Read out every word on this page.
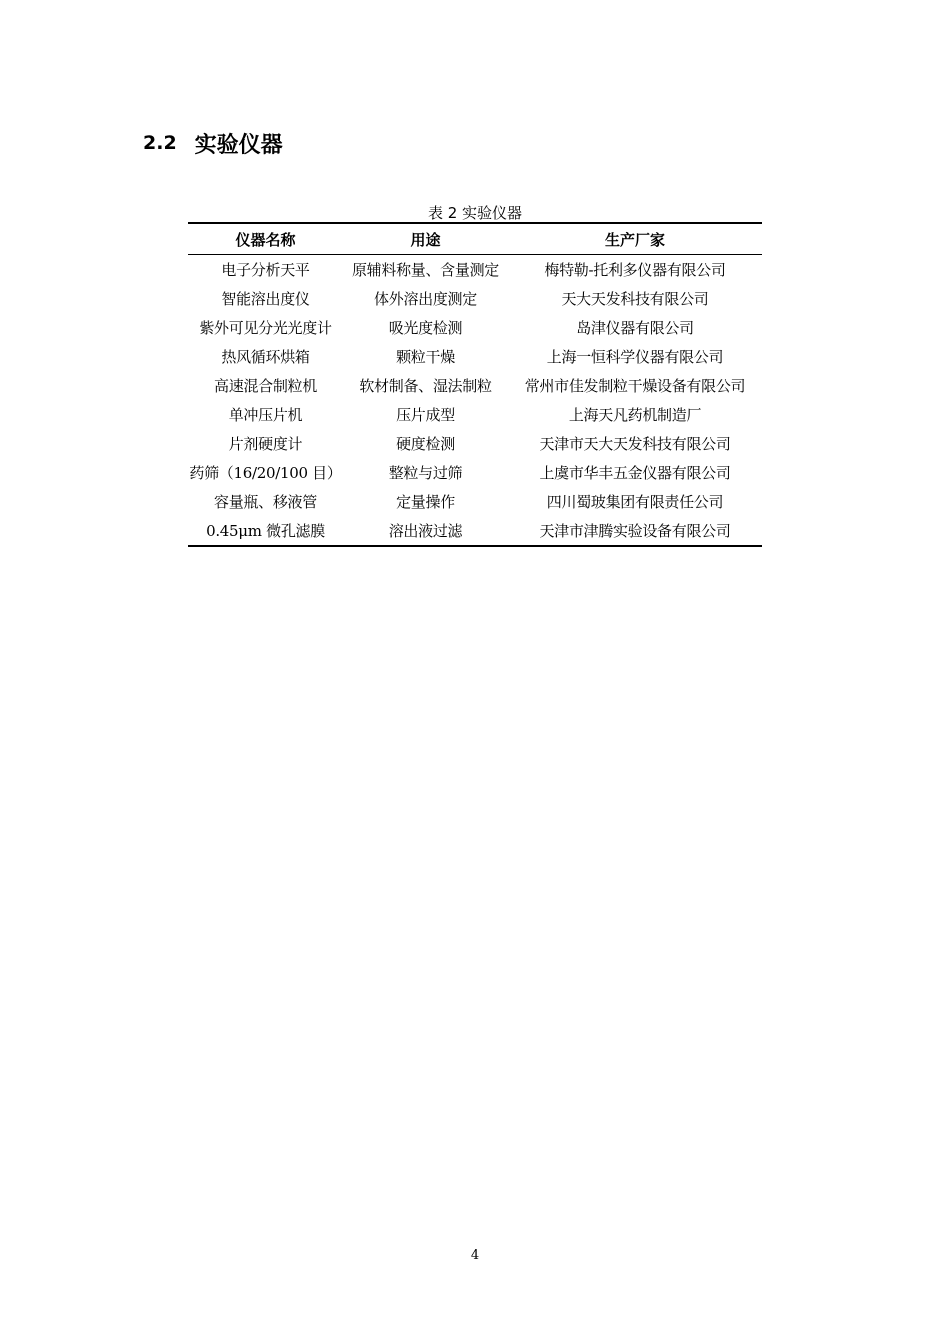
2.2 实验仪器
表 2 实验仪器
仪器名称	用途	生产厂家
电子分析天平	原辅料称量、含量测定	梅特勒-托利多仪器有限公司
智能溶出度仪	体外溶出度测定	天大天发科技有限公司
紫外可见分光光度计	吸光度检测	岛津仪器有限公司
热风循环烘箱	颗粒干燥	上海一恒科学仪器有限公司
高速混合制粒机	软材制备、湿法制粒	常州市佳发制粒干燥设备有限公司
单冲压片机	压片成型	上海天凡药机制造厂
片剂硬度计	硬度检测	天津市天大天发科技有限公司
药筛（16/20/100 目）	整粒与过筛	上虞市华丰五金仪器有限公司
容量瓶、移液管	定量操作	四川蜀玻集团有限责任公司
0.45μm 微孔滤膜	溶出液过滤	天津市津腾实验设备有限公司
4
